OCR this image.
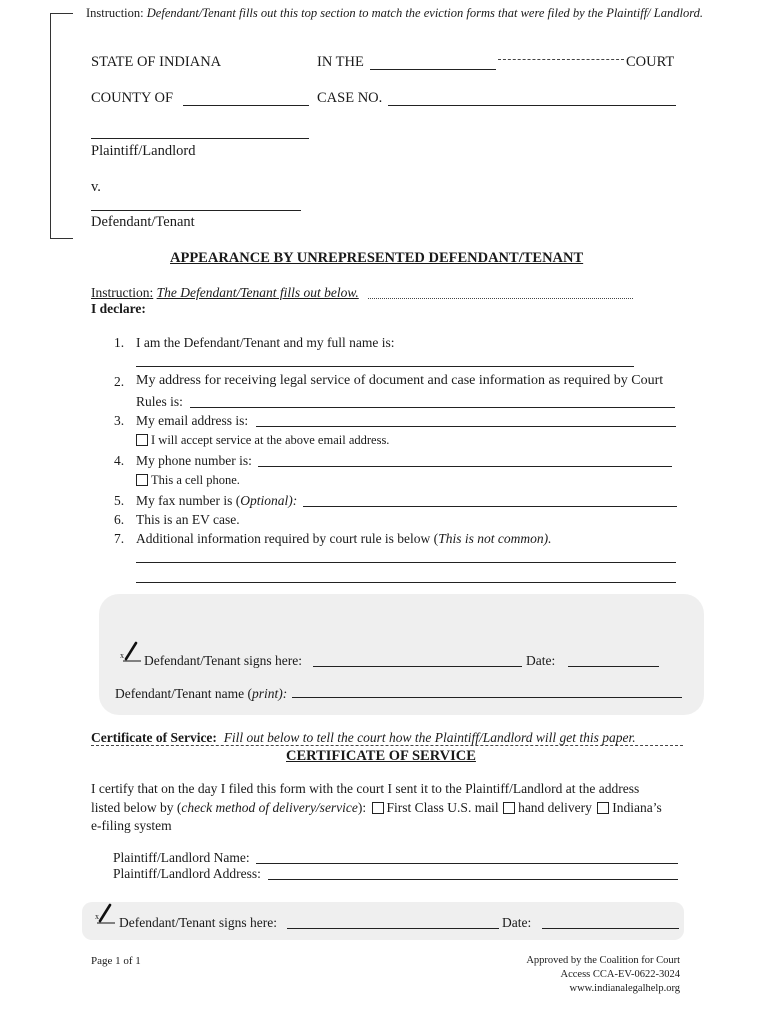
Instruction: Defendant/Tenant fills out this top section to match the eviction forms that were filed by the Plaintiff/ Landlord.
STATE OF INDIANA	IN THE	COURT
COUNTY OF	CASE NO.
Plaintiff/Landlord
v.
Defendant/Tenant
APPEARANCE BY UNREPRESENTED DEFENDANT/TENANT
Instruction: The Defendant/Tenant fills out below.
I declare:
1. I am the Defendant/Tenant and my full name is:
2. My address for receiving legal service of document and case information as required by Court
Rules is:
3. My email address is:
I will accept service at the above email address.
4. My phone number is:
This a cell phone.
5. My fax number is (Optional):
6. This is an EV case.
7. Additional information required by court rule is below (This is not common).
x Defendant/Tenant signs here:	Date:
Defendant/Tenant name (print):
Certificate of Service: Fill out below to tell the court how the Plaintiff/Landlord will get this paper.
CERTIFICATE OF SERVICE
I certify that on the day I filed this form with the court I sent it to the Plaintiff/Landlord at the address
listed below by (check method of delivery/service): First Class U.S. mail hand delivery Indiana’s
e-filing system
Plaintiff/Landlord Name:
Plaintiff/Landlord Address:
x Defendant/Tenant signs here:	Date:
Page 1 of 1	Approved by the Coalition for Court
Access CCA-EV-0622-3024
www.indianalegalhelp.org
